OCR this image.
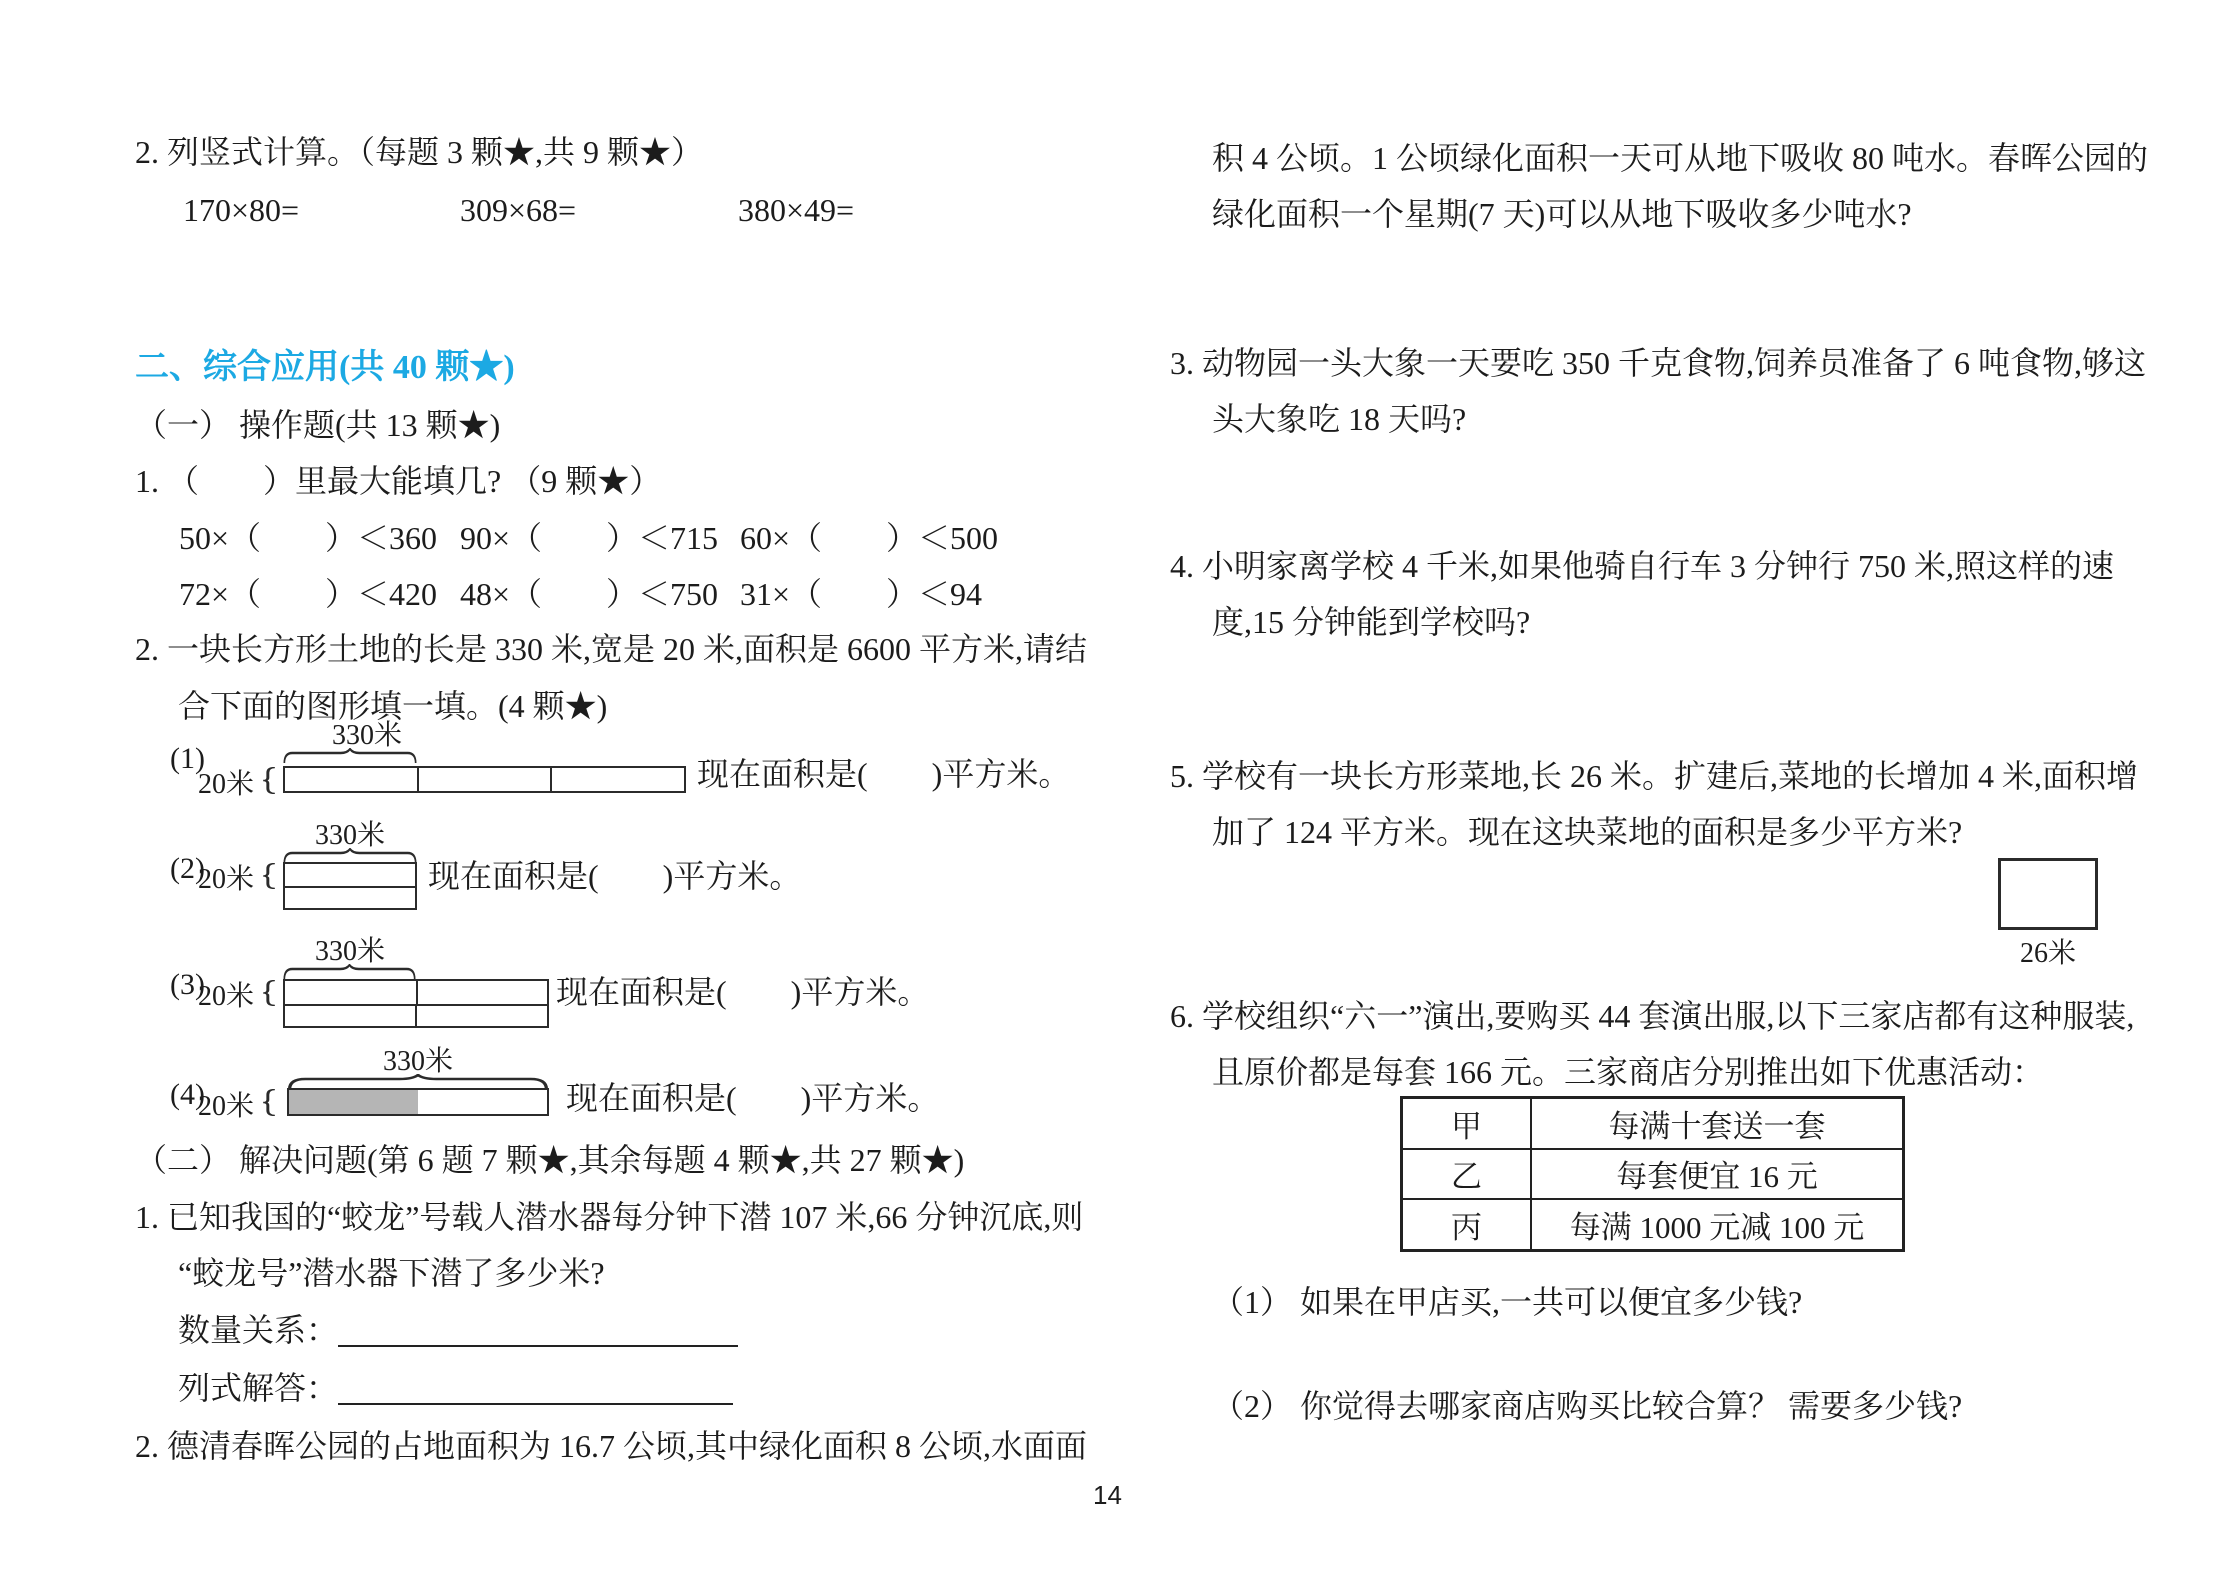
2. 列竖式计算。（每题 3 颗★,共 9 颗★）
170×80=	309×68=	380×49=
二、综合应用(共 40 颗★)
（一） 操作题(共 13 颗★)
1. （　　）里最大能填几? （9 颗★）
50×（　　）＜360 90×（　　）＜715 60×（　　）＜500
72×（　　）＜420 48×（　　）＜750 31×（　　）＜94
2. 一块长方形土地的长是 330 米,宽是 20 米,面积是 6600 平方米,请结
合下面的图形填一填。(4 颗★)
330米
(1)
20米	现在面积是(　　)平方米。
330米
(2)
20米	现在面积是(　　)平方米。
330米
(3)
20米	现在面积是(　　)平方米。
330米
(4)
20米	现在面积是(　　)平方米。
（二） 解决问题(第 6 题 7 颗★,其余每题 4 颗★,共 27 颗★)
1. 已知我国的“蛟龙”号载人潜水器每分钟下潜 107 米,66 分钟沉底,则
“蛟龙号”潜水器下潜了多少米?
数量关系：
列式解答：
2. 德清春晖公园的占地面积为 16.7 公顷,其中绿化面积 8 公顷,水面面
积 4 公顷。1 公顷绿化面积一天可从地下吸收 80 吨水。春晖公园的
绿化面积一个星期(7 天)可以从地下吸收多少吨水?
3. 动物园一头大象一天要吃 350 千克食物,饲养员准备了 6 吨食物,够这
头大象吃 18 天吗?
4. 小明家离学校 4 千米,如果他骑自行车 3 分钟行 750 米,照这样的速
度,15 分钟能到学校吗?
5. 学校有一块长方形菜地,长 26 米。扩建后,菜地的长增加 4 米,面积增
加了 124 平方米。现在这块菜地的面积是多少平方米?
26米
6. 学校组织“六一”演出,要购买 44 套演出服,以下三家店都有这种服装,
且原价都是每套 166 元。三家商店分别推出如下优惠活动：
甲	每满十套送一套
乙	每套便宜 16 元
丙	每满 1000 元减 100 元
（1） 如果在甲店买,一共可以便宜多少钱?
（2） 你觉得去哪家商店购买比较合算？ 需要多少钱?
14
